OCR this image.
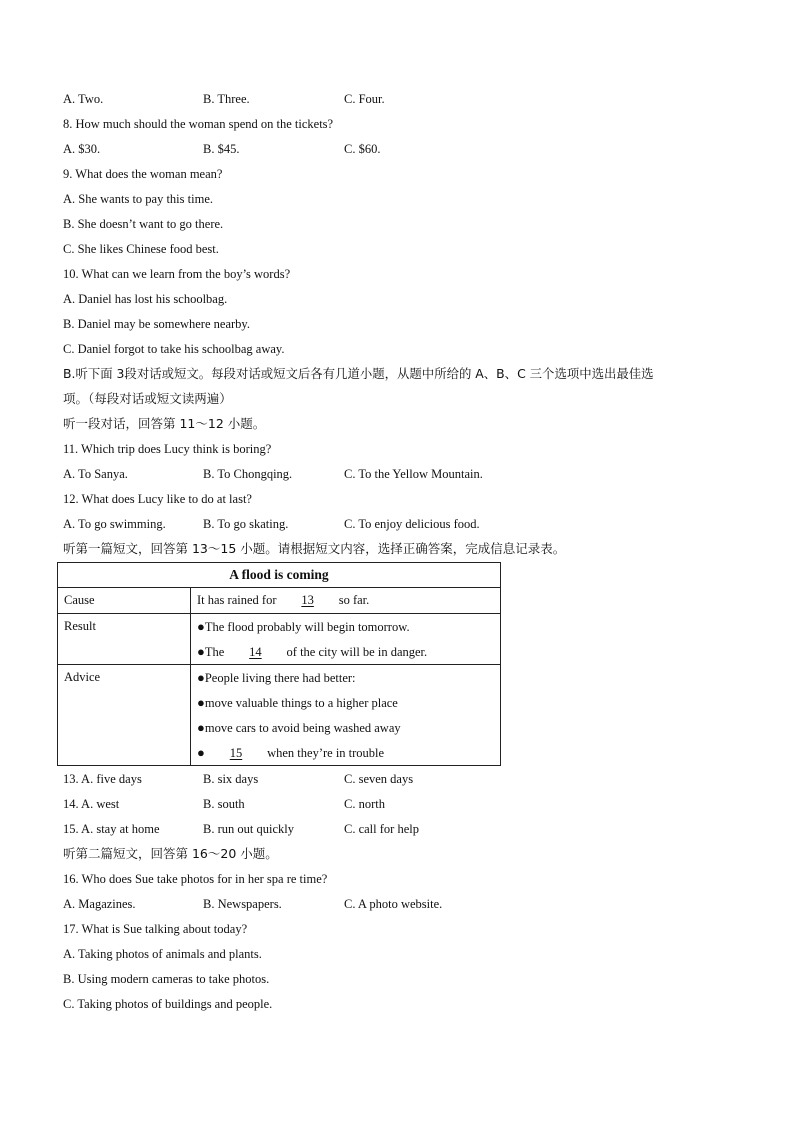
A. Two.	B. Three.	C. Four.
8. How much should the woman spend on the tickets?
A. $30.	B. $45.	C. $60.
9. What does the woman mean?
A. She wants to pay this time.
B. She doesn’t want to go there.
C. She likes Chinese food best.
10. What can we learn from the boy’s words?
A. Daniel has lost his schoolbag.
B. Daniel may be somewhere nearby.
C. Daniel forgot to take his schoolbag away.
B.听下面 3段对话或短文。每段对话或短文后各有几道小题，从题中所给的 A、B、C 三个选项中选出最佳选
项。（每段对话或短文读两遍）
听一段对话，回答第 11～12 小题。
11. Which trip does Lucy think is boring?
A. To Sanya.	B. To Chongqing.	C. To the Yellow Mountain.
12. What does Lucy like to do at last?
A. To go swimming.	B. To go skating.	C. To enjoy delicious food.
听第一篇短文，回答第 13～15 小题。请根据短文内容，选择正确答案，完成信息记录表。
A flood is coming	

Cause	It has rained for 13 so far.

Result	●The flood probably will begin tomorrow.
●The 14 of the city will be in danger.

Advice	●People living there had better:
●move valuable things to a higher place
●move cars to avoid being washed away
● 15 when they’re in trouble
13. A. five days	B. six days	C. seven days
14. A. west	B. south	C. north
15. A. stay at home	B. run out quickly	C. call for help
听第二篇短文，回答第 16～20 小题。
16. Who does Sue take photos for in her spa re time?
A. Magazines.	B. Newspapers.	C. A photo website.
17. What is Sue talking about today?
A. Taking photos of animals and plants.
B. Using modern cameras to take photos.
C. Taking photos of buildings and people.
